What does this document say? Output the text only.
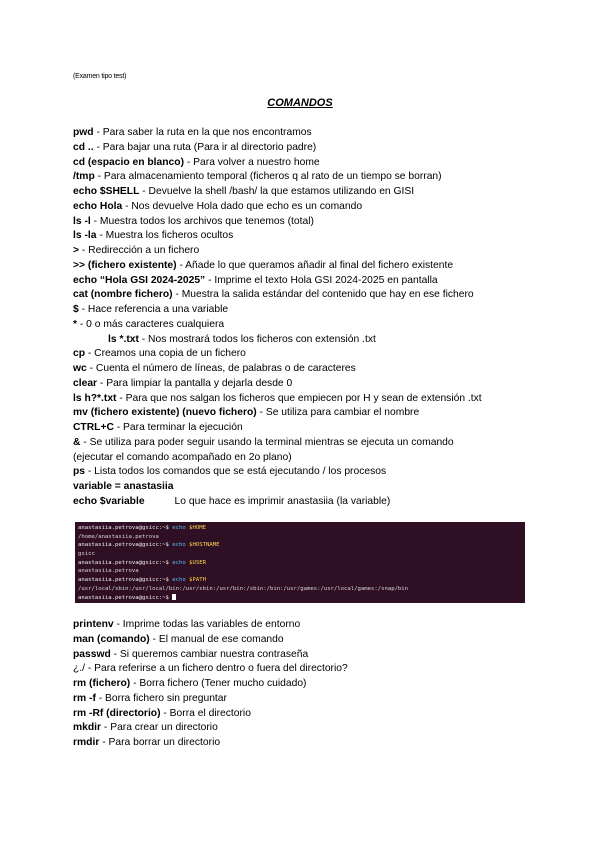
(Examen tipo test)
COMANDOS
pwd - Para saber la ruta en la que nos encontramos
cd .. - Para bajar una ruta (Para ir al directorio padre)
cd (espacio en blanco) - Para volver a nuestro home
/tmp - Para almacenamiento temporal (ficheros q al rato de un tiempo se borran)
echo $SHELL - Devuelve la shell /bash/ la que estamos utilizando en GISI
echo Hola - Nos devuelve Hola dado que echo es un comando
ls -l - Muestra todos los archivos que tenemos (total)
ls -la - Muestra los ficheros ocultos
> - Redirección a un fichero
>> (fichero existente) - Añade lo que queramos añadir al final del fichero existente
echo “Hola GSI 2024-2025” - Imprime el texto Hola GSI 2024-2025 en pantalla
cat (nombre fichero) - Muestra la salida estándar del contenido que hay en ese fichero
$ - Hace referencia a una variable
* - 0 o más caracteres cualquiera
ls *.txt - Nos mostrará todos los ficheros con extensión .txt
cp - Creamos una copia de un fichero
wc - Cuenta el número de líneas, de palabras o de caracteres
clear - Para limpiar la pantalla y dejarla desde 0
ls h?*.txt - Para que nos salgan los ficheros que empiecen por H y sean de extensión .txt
mv (fichero existente) (nuevo fichero) - Se utiliza para cambiar el nombre
CTRL+C - Para terminar la ejecución
& - Se utiliza para poder seguir usando la terminal mientras se ejecuta un comando
(ejecutar el comando acompañado en 2o plano)
ps - Lista todos los comandos que se está ejecutando / los procesos
variable = anastasiia
echo $variable	Lo que hace es imprimir anastasiia (la variable)
anastasiia.petrova@gsicc:~$ echo $HOME
/home/anastasiia.petrova
anastasiia.petrova@gsicc:~$ echo $HOSTNAME
gsicc
anastasiia.petrova@gsicc:~$ echo $USER
anastasiia.petrova
anastasiia.petrova@gsicc:~$ echo $PATH
/usr/local/sbin:/usr/local/bin:/usr/sbin:/usr/bin:/sbin:/bin:/usr/games:/usr/local/games:/snap/bin
anastasiia.petrova@gsicc:~$
printenv - Imprime todas las variables de entorno
man (comando) - El manual de ese comando
passwd - Si queremos cambiar nuestra contraseña
¿./ - Para referirse a un fichero dentro o fuera del directorio?
rm (fichero) - Borra fichero (Tener mucho cuidado)
rm -f - Borra fichero sin preguntar
rm -Rf (directorio) - Borra el directorio
mkdir - Para crear un directorio
rmdir - Para borrar un directorio
